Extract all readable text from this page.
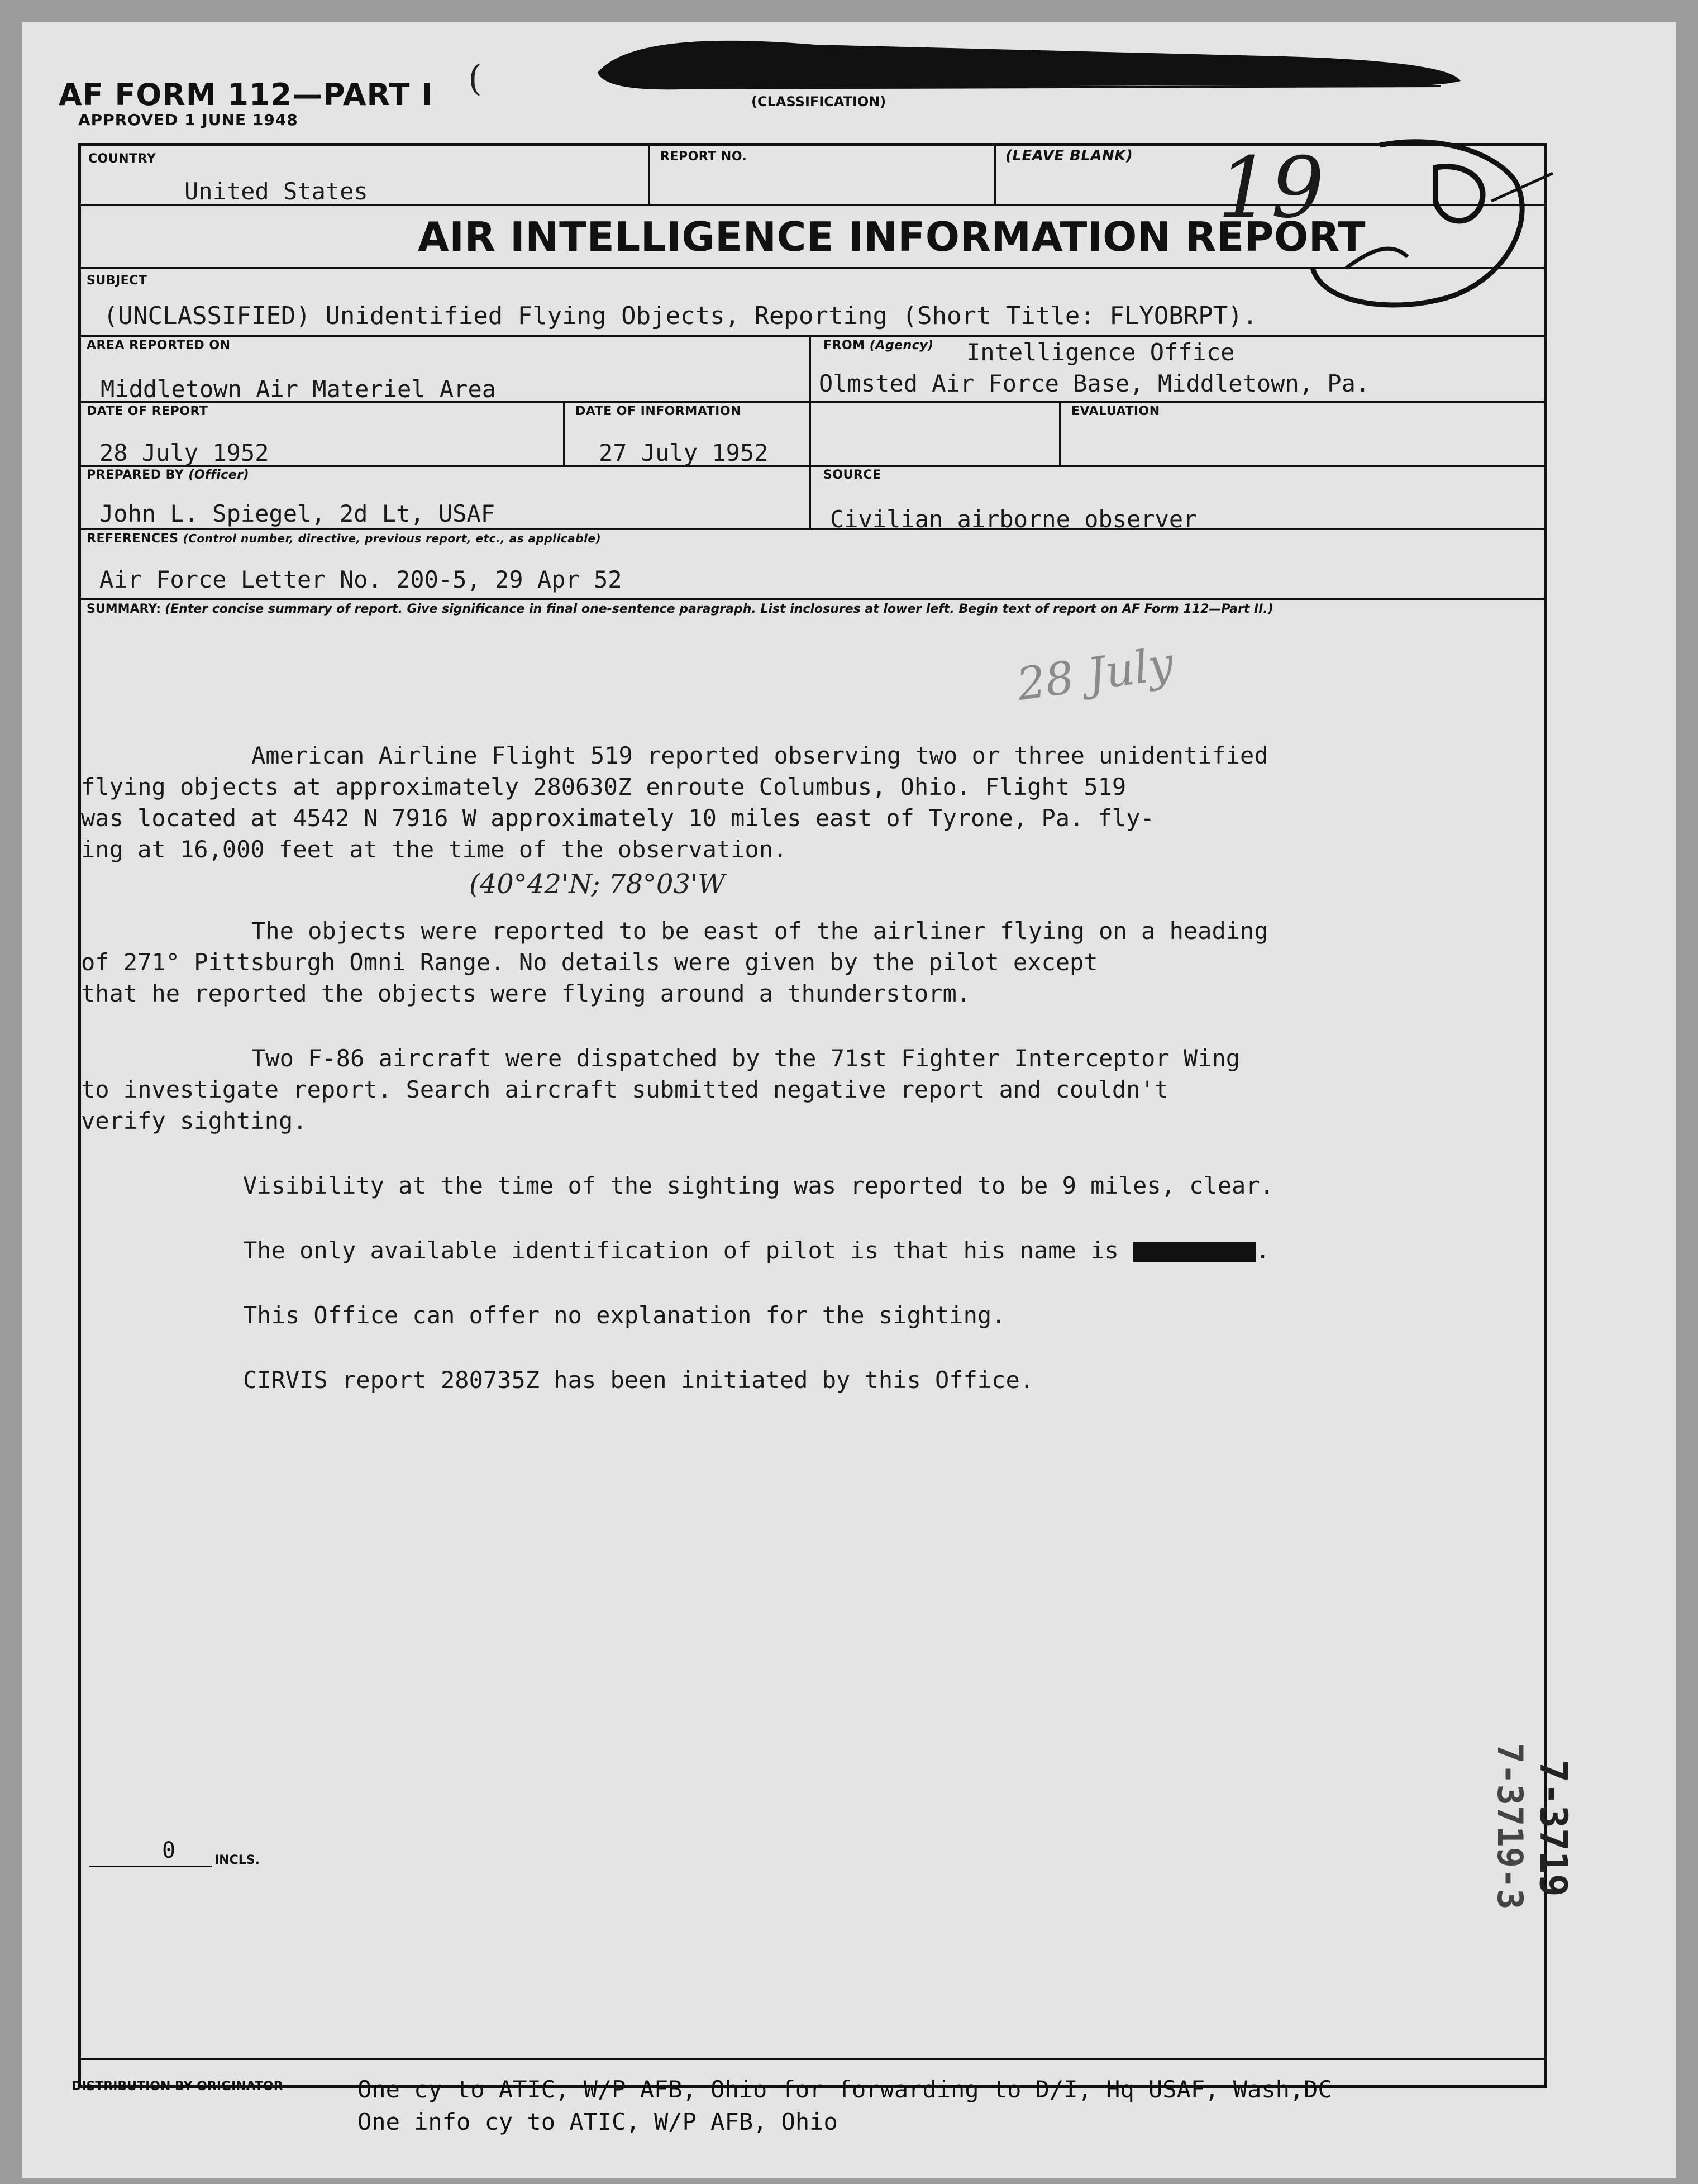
AF FORM 112—PART I
APPROVED 1 JUNE 1948
(
(CLASSIFICATION)
COUNTRY
United States
REPORT NO.	(LEAVE BLANK)
AIR INTELLIGENCE INFORMATION REPORT
SUBJECT
(UNCLASSIFIED) Unidentified Flying Objects, Reporting (Short Title: FLYOBRPT).
AREA REPORTED ON
Middletown Air Materiel Area
FROM (Agency) Intelligence Office
Olmsted Air Force Base, Middletown, Pa.
DATE OF REPORT
28 July 1952
DATE OF INFORMATION
27 July 1952
EVALUATION
PREPARED BY (Officer)
John L. Spiegel, 2d Lt, USAF
SOURCE
Civilian airborne observer
REFERENCES (Control number, directive, previous report, etc., as applicable)
Air Force Letter No. 200-5, 29 Apr 52
SUMMARY: (Enter concise summary of report. Give significance in final one-sentence paragraph. List inclosures at lower left. Begin text of report on AF Form 112—Part II.)
19
28 July
(40°42'N; 78°03'W

American Airline Flight 519 reported observing two or three unidentified
flying objects at approximately 280630Z enroute Columbus, Ohio. Flight 519
was located at 4542 N 7916 W approximately 10 miles east of Tyrone, Pa. fly-
ing at 16,000 feet at the time of the observation.

The objects were reported to be east of the airliner flying on a heading
of 271° Pittsburgh Omni Range. No details were given by the pilot except
that he reported the objects were flying around a thunderstorm.

Two F-86 aircraft were dispatched by the 71st Fighter Interceptor Wing
to investigate report. Search aircraft submitted negative report and couldn't
verify sighting.

Visibility at the time of the sighting was reported to be 9 miles, clear.

The only available identification of pilot is that his name is	.

This Office can offer no explanation for the sighting.

CIRVIS report 280735Z has been initiated by this Office.

7-3719
7-3719-3
0	INCLS.
DISTRIBUTION BY ORIGINATOR	One cy to ATIC, W/P AFB, Ohio for forwarding to D/I, Hq USAF, Wash,DC
One info cy to ATIC, W/P AFB, Ohio
